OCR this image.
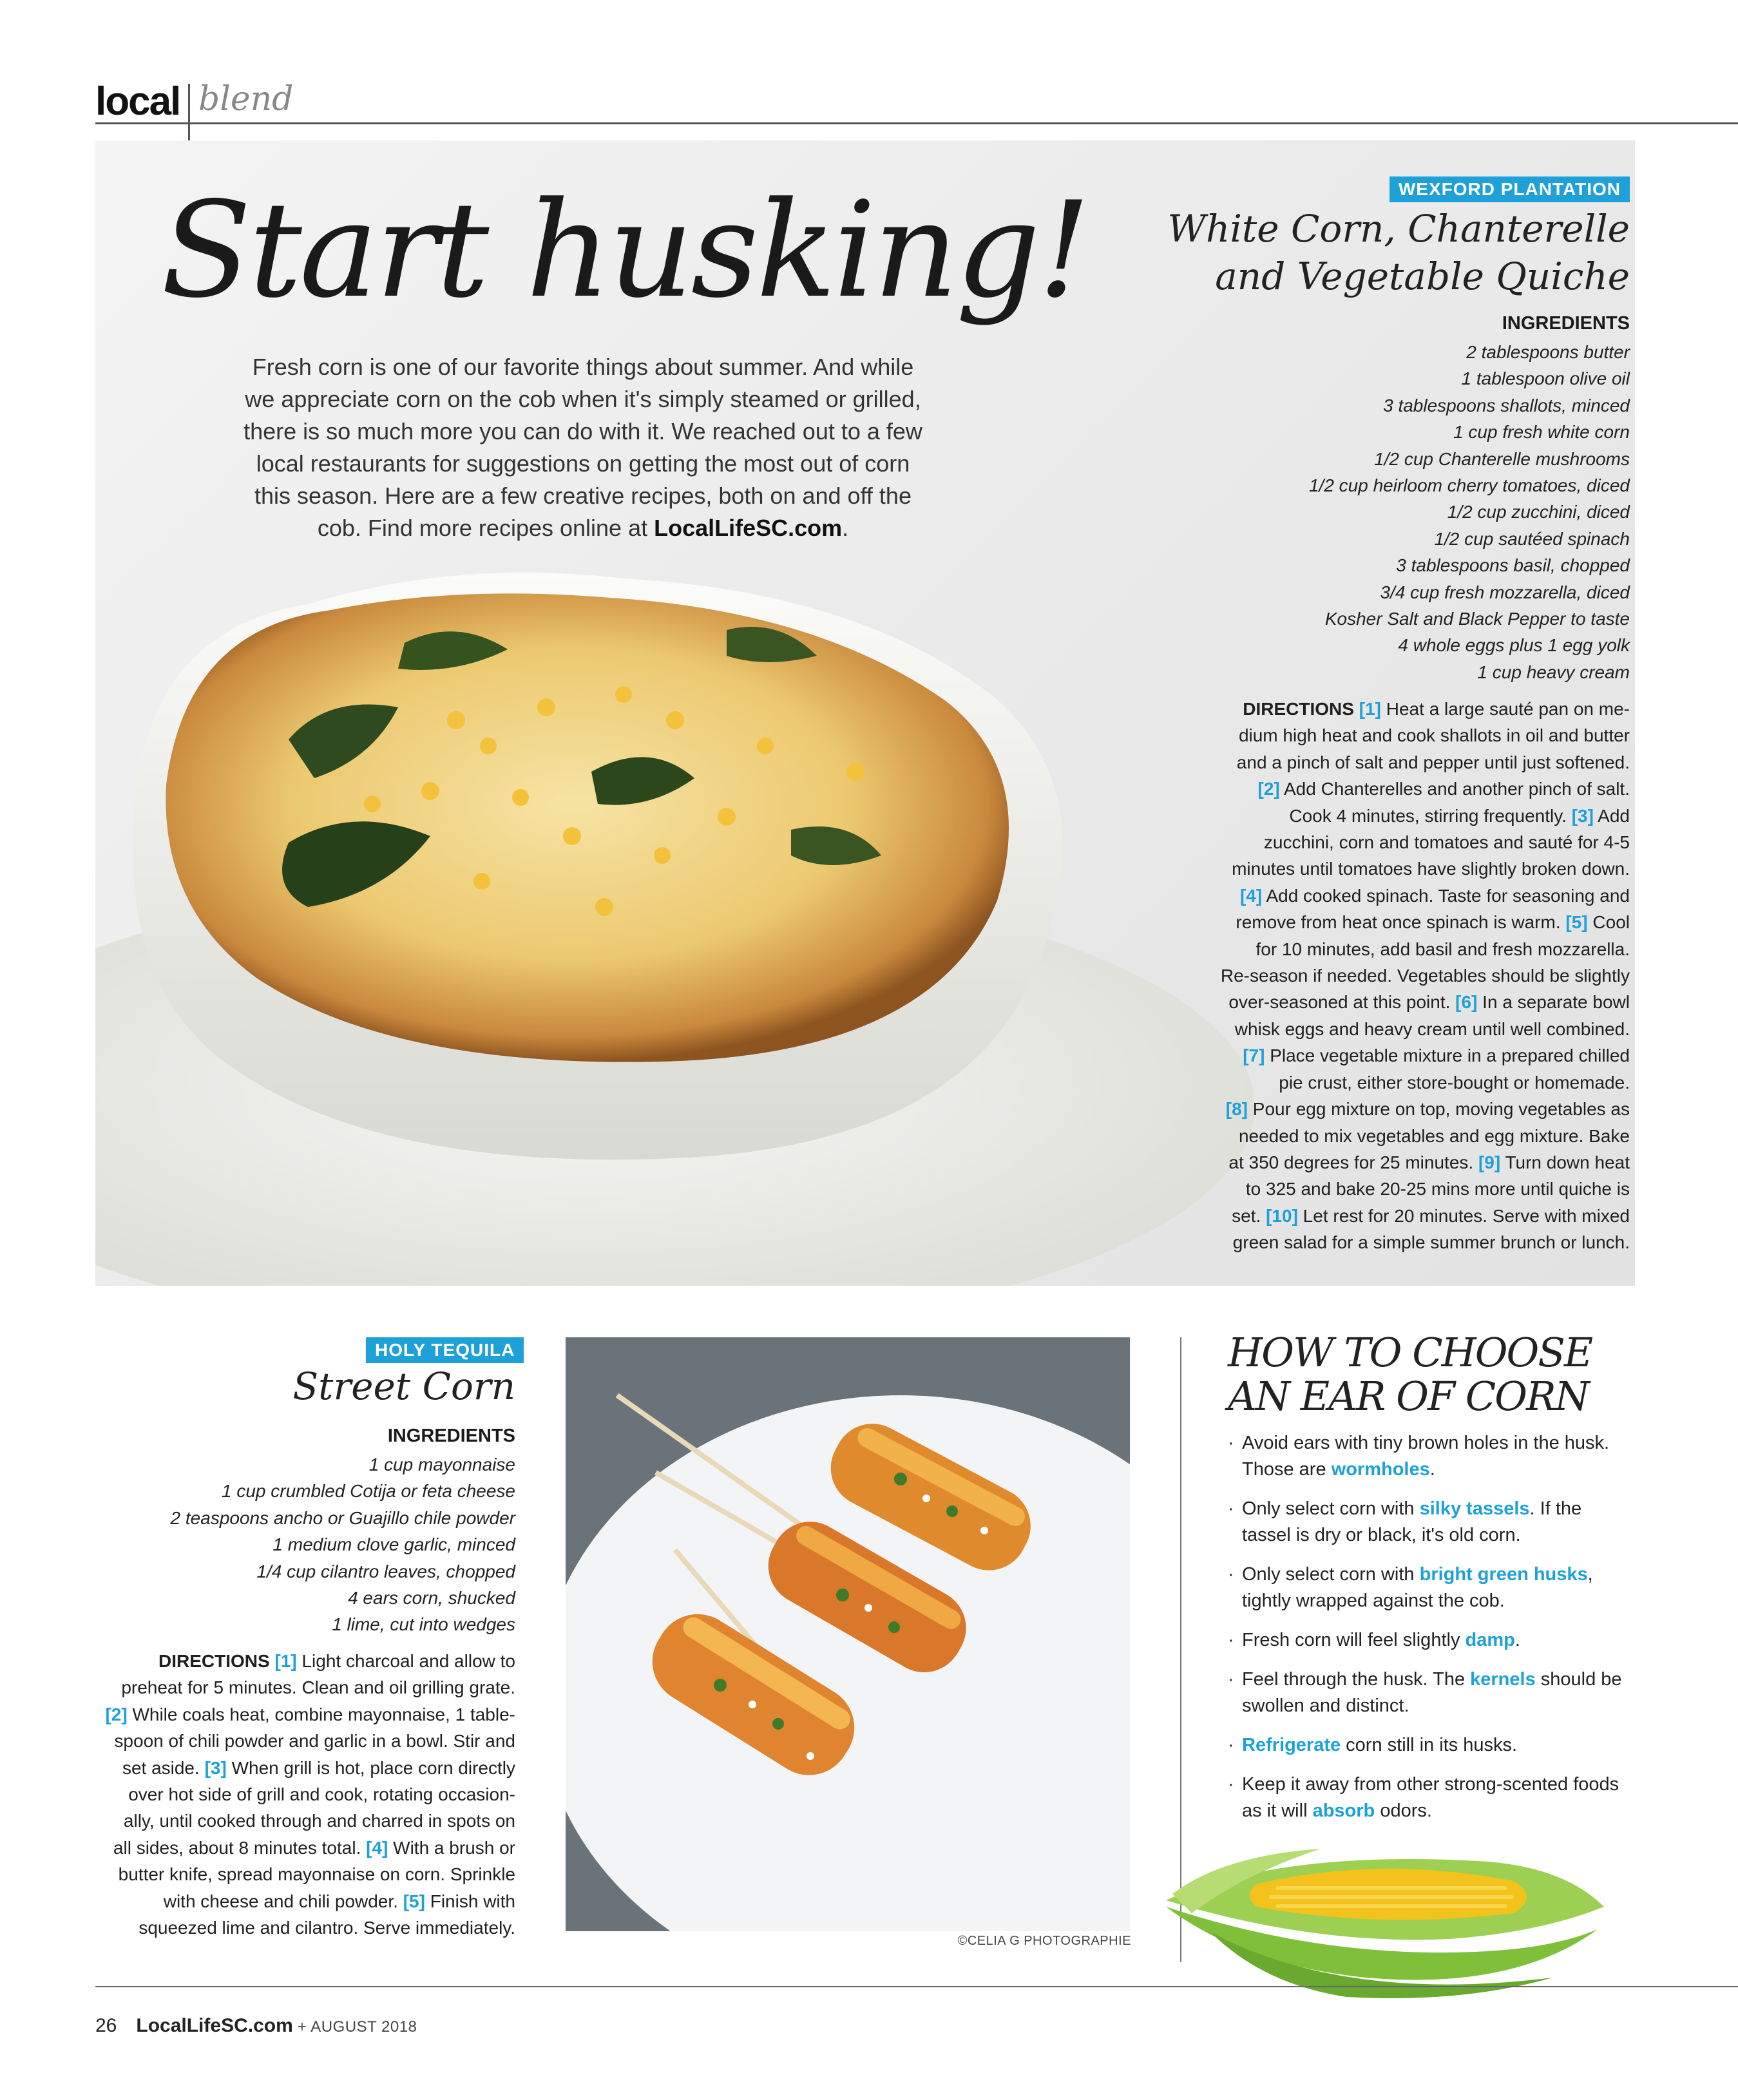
local blend
Start husking!
Fresh corn is one of our favorite things about summer. And while
we appreciate corn on the cob when it's simply steamed or grilled,
there is so much more you can do with it. We reached out to a few
local restaurants for suggestions on getting the most out of corn
this season. Here are a few creative recipes, both on and off the
cob. Find more recipes online at LocalLifeSC.com.
WEXFORD PLANTATION
White Corn, Chanterelle
and Vegetable Quiche
INGREDIENTS
2 tablespoons butter
1 tablespoon olive oil
3 tablespoons shallots, minced
1 cup fresh white corn
1/2 cup Chanterelle mushrooms
1/2 cup heirloom cherry tomatoes, diced
1/2 cup zucchini, diced
1/2 cup sautéed spinach
3 tablespoons basil, chopped
3/4 cup fresh mozzarella, diced
Kosher Salt and Black Pepper to taste
4 whole eggs plus 1 egg yolk
1 cup heavy cream
DIRECTIONS [1] Heat a large sauté pan on me-
dium high heat and cook shallots in oil and butter
and a pinch of salt and pepper until just softened.
[2] Add Chanterelles and another pinch of salt.
Cook 4 minutes, stirring frequently. [3] Add
zucchini, corn and tomatoes and sauté for 4-5
minutes until tomatoes have slightly broken down.
[4] Add cooked spinach. Taste for seasoning and
remove from heat once spinach is warm. [5] Cool
for 10 minutes, add basil and fresh mozzarella.
Re-season if needed. Vegetables should be slightly
over-seasoned at this point. [6] In a separate bowl
whisk eggs and heavy cream until well combined.
[7] Place vegetable mixture in a prepared chilled
pie crust, either store-bought or homemade.
[8] Pour egg mixture on top, moving vegetables as
needed to mix vegetables and egg mixture. Bake
at 350 degrees for 25 minutes. [9] Turn down heat
to 325 and bake 20-25 mins more until quiche is
set. [10] Let rest for 20 minutes. Serve with mixed
green salad for a simple summer brunch or lunch.
HOLY TEQUILA
Street Corn
INGREDIENTS
1 cup mayonnaise
1 cup crumbled Cotija or feta cheese
2 teaspoons ancho or Guajillo chile powder
1 medium clove garlic, minced
1/4 cup cilantro leaves, chopped
4 ears corn, shucked
1 lime, cut into wedges
DIRECTIONS [1] Light charcoal and allow to
preheat for 5 minutes. Clean and oil grilling grate.
[2] While coals heat, combine mayonnaise, 1 table-
spoon of chili powder and garlic in a bowl. Stir and
set aside. [3] When grill is hot, place corn directly
over hot side of grill and cook, rotating occasion-
ally, until cooked through and charred in spots on
all sides, about 8 minutes total. [4] With a brush or
butter knife, spread mayonnaise on corn. Sprinkle
with cheese and chili powder. [5] Finish with
squeezed lime and cilantro. Serve immediately.
©CELIA G PHOTOGRAPHIE
HOW TO CHOOSE
AN EAR OF CORN
· Avoid ears with tiny brown holes in the husk. Those are wormholes.
· Only select corn with silky tassels. If the tassel is dry or black, it's old corn.
· Only select corn with bright green husks, tightly wrapped against the cob.
· Fresh corn will feel slightly damp.
· Feel through the husk. The kernels should be swollen and distinct.
· Refrigerate corn still in its husks.
· Keep it away from other strong-scented foods as it will absorb odors.
26 LocalLifeSC.com + AUGUST 2018
